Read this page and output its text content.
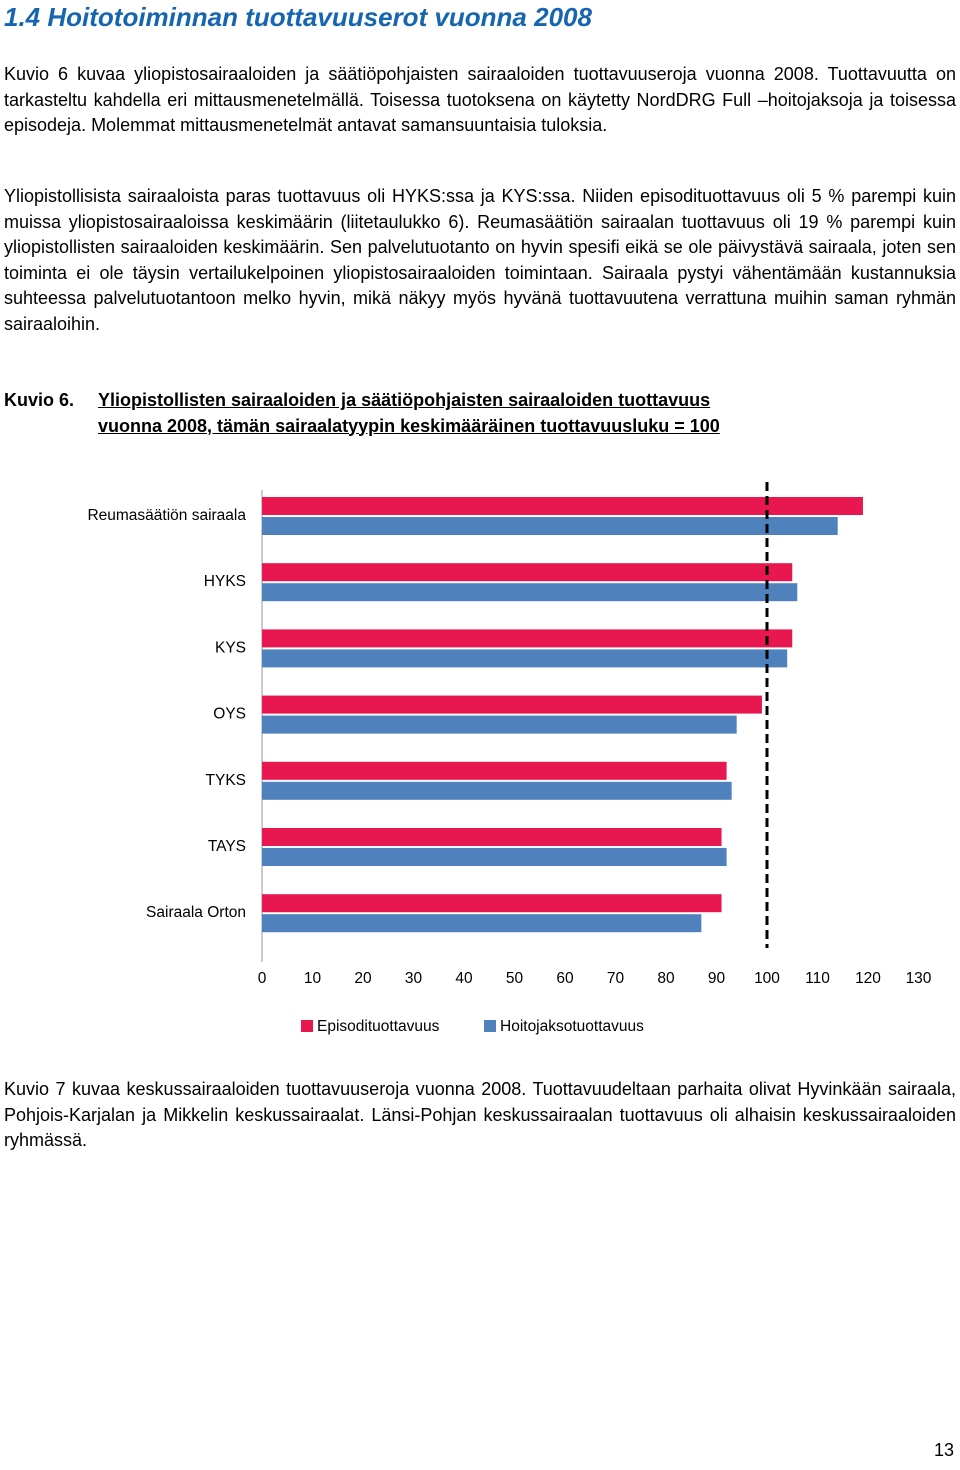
1.4 Hoitotoiminnan tuottavuuserot vuonna 2008

Kuvio 6 kuvaa yliopistosairaaloiden ja säätiöpohjaisten sairaaloiden tuottavuuseroja vuonna 2008. Tuottavuutta on tarkasteltu kahdella eri mittausmenetelmällä. Toisessa tuotoksena on käytetty NordDRG Full –hoitojaksoja ja toisessa episodeja. Molemmat mittausmenetelmät antavat samansuuntaisia tuloksia.

Yliopistollisista sairaaloista paras tuottavuus oli HYKS:ssa ja KYS:ssa. Niiden episodituottavuus oli 5 % parempi kuin muissa yliopistosairaaloissa keskimäärin (liitetaulukko 6). Reumasäätiön sairaalan tuottavuus oli 19 % parempi kuin yliopistollisten sairaaloiden keskimäärin. Sen palvelutuotanto on hyvin spesifi eikä se ole päivystävä sairaala, joten sen toiminta ei ole täysin vertailukelpoinen yliopistosairaaloiden toimintaan. Sairaala pystyi vähentämään kustannuksia suhteessa palvelutuotantoon melko hyvin, mikä näkyy myös hyvänä tuottavuutena verrattuna muihin saman ryhmän sairaaloihin.

Kuvio 6.	Yliopistollisten sairaaloiden ja säätiöpohjaisten sairaaloiden tuottavuus
vuonna 2008, tämän sairaalatyypin keskimääräinen tuottavuusluku = 100
Reumasäätiön sairaala
HYKS
KYS
OYS
TYKS
TAYS
Sairaala Orton
0 10 20 30 40 50 60 70 80 90 100 110 120 130
Episodituottavuus	Hoitojaksotuottavuus

Kuvio 7 kuvaa keskussairaaloiden tuottavuuseroja vuonna 2008. Tuottavuudeltaan parhaita olivat Hyvinkään sairaala, Pohjois-Karjalan ja Mikkelin keskussairaalat. Länsi-Pohjan keskussairaalan tuottavuus oli alhaisin keskussairaaloiden ryhmässä.

13
